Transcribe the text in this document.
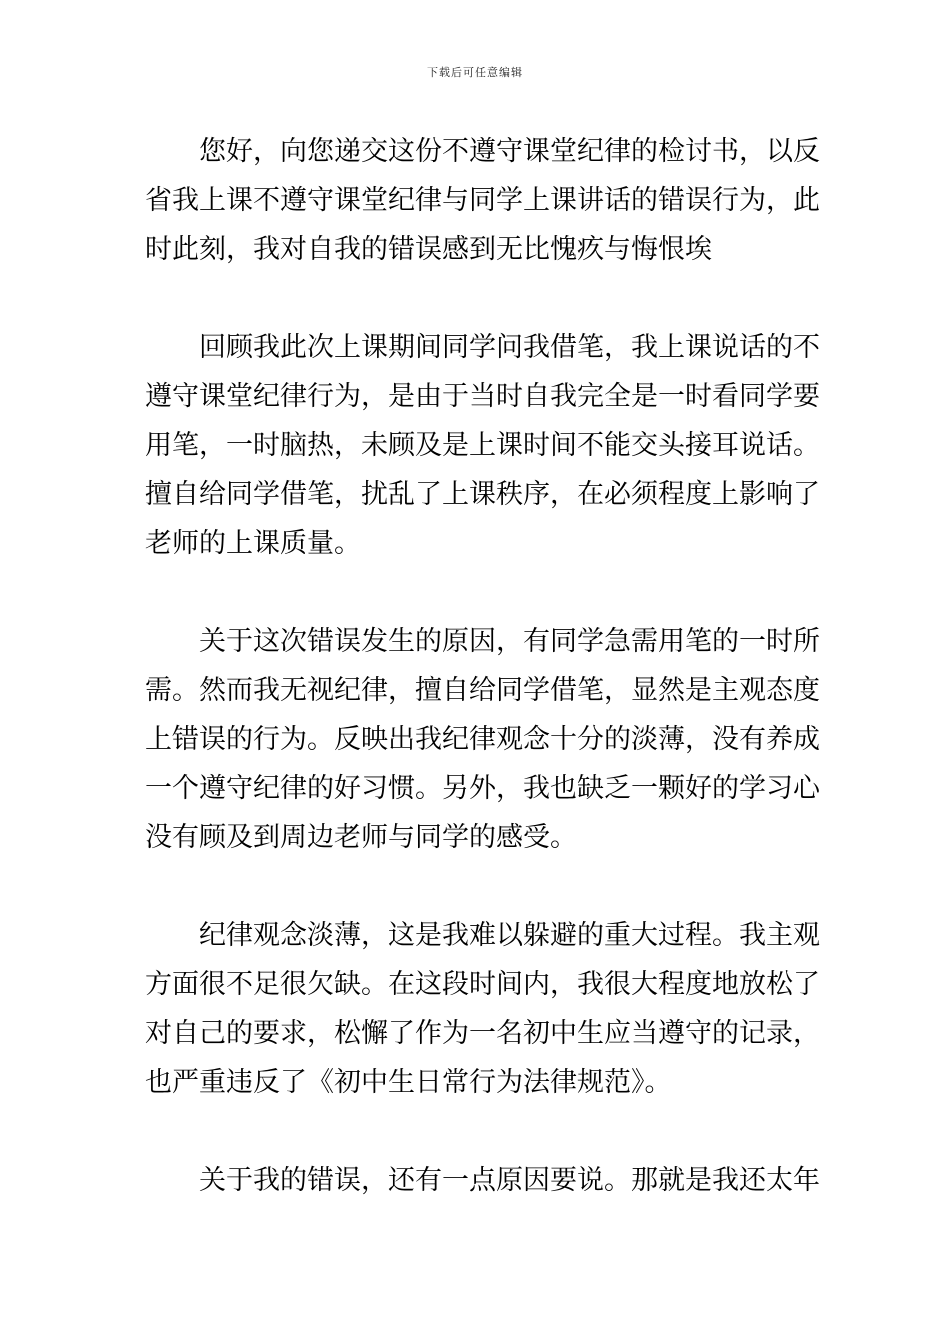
下载后可任意编辑
您好，向您递交这份不遵守课堂纪律的检讨书，以反
省我上课不遵守课堂纪律与同学上课讲话的错误行为，此
时此刻，我对自我的错误感到无比愧疚与悔恨埃
回顾我此次上课期间同学问我借笔，我上课说话的不
遵守课堂纪律行为，是由于当时自我完全是一时看同学要
用笔，一时脑热，未顾及是上课时间不能交头接耳说话。
擅自给同学借笔，扰乱了上课秩序，在必须程度上影响了
老师的上课质量。
关于这次错误发生的原因，有同学急需用笔的一时所
需。然而我无视纪律，擅自给同学借笔，显然是主观态度
上错误的行为。反映出我纪律观念十分的淡薄，没有养成
一个遵守纪律的好习惯。另外，我也缺乏一颗好的学习心
没有顾及到周边老师与同学的感受。
纪律观念淡薄，这是我难以躲避的重大过程。我主观
方面很不足很欠缺。在这段时间内，我很大程度地放松了
对自己的要求，松懈了作为一名初中生应当遵守的记录，
也严重违反了《初中生日常行为法律规范》。
关于我的错误，还有一点原因要说。那就是我还太年
